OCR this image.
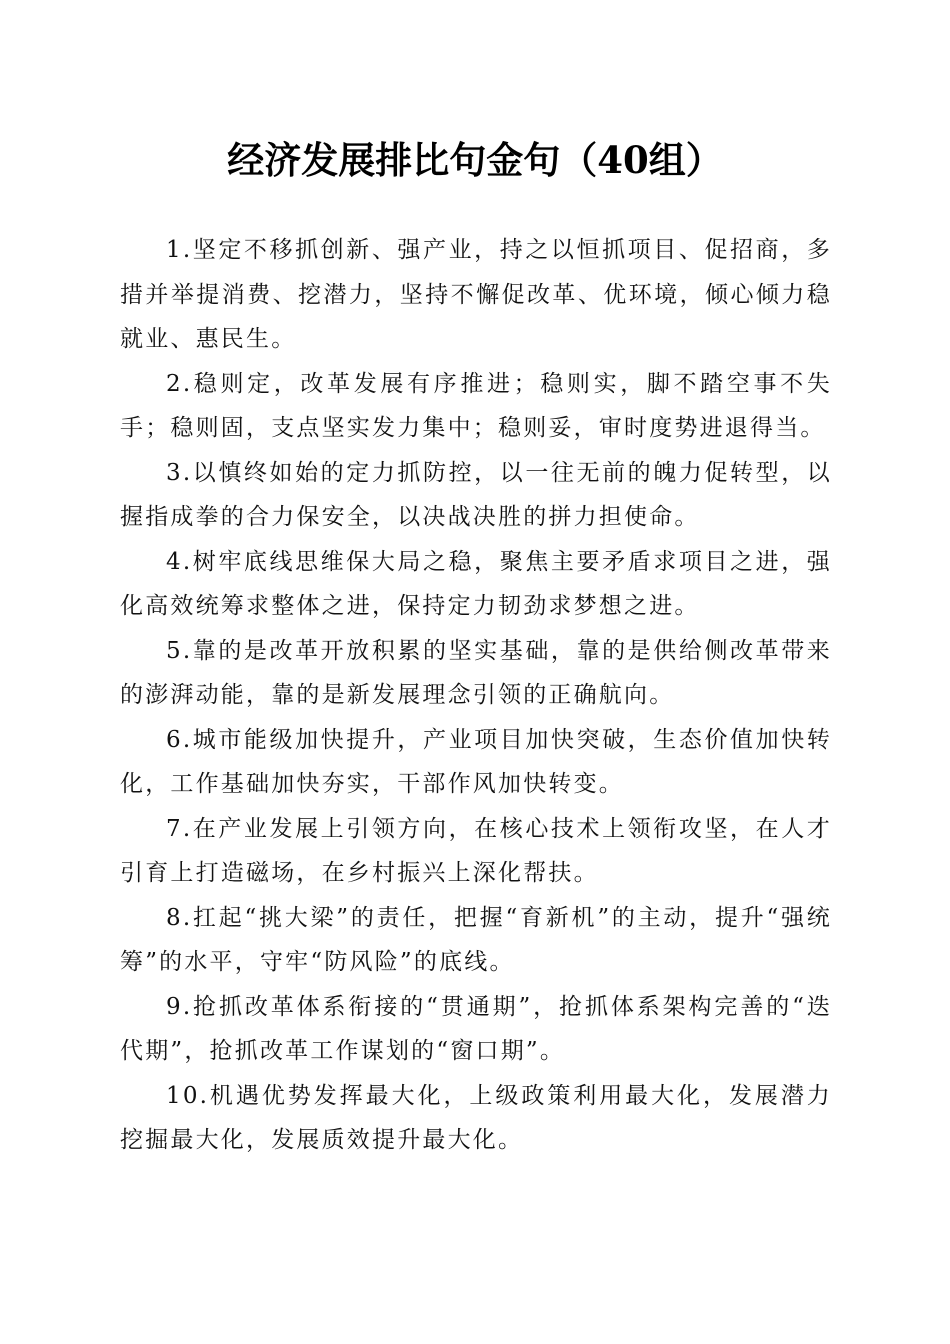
经济发展排比句金句（40组）

1.坚定不移抓创新、强产业，持之以恒抓项目、促招商，多措并举提消费、挖潜力，坚持不懈促改革、优环境，倾心倾力稳就业、惠民生。

2.稳则定，改革发展有序推进；稳则实，脚不踏空事不失手；稳则固，支点坚实发力集中；稳则妥，审时度势进退得当。

3.以慎终如始的定力抓防控，以一往无前的魄力促转型，以握指成拳的合力保安全，以决战决胜的拼力担使命。

4.树牢底线思维保大局之稳，聚焦主要矛盾求项目之进，强化高效统筹求整体之进，保持定力韧劲求梦想之进。

5.靠的是改革开放积累的坚实基础，靠的是供给侧改革带来的澎湃动能，靠的是新发展理念引领的正确航向。

6.城市能级加快提升，产业项目加快突破，生态价值加快转化，工作基础加快夯实，干部作风加快转变。

7.在产业发展上引领方向，在核心技术上领衔攻坚，在人才引育上打造磁场，在乡村振兴上深化帮扶。

8.扛起“挑大梁”的责任，把握“育新机”的主动，提升“强统筹”的水平，守牢“防风险”的底线。

9.抢抓改革体系衔接的“贯通期”，抢抓体系架构完善的“迭代期”，抢抓改革工作谋划的“窗口期”。

10.机遇优势发挥最大化，上级政策利用最大化，发展潜力挖掘最大化，发展质效提升最大化。
